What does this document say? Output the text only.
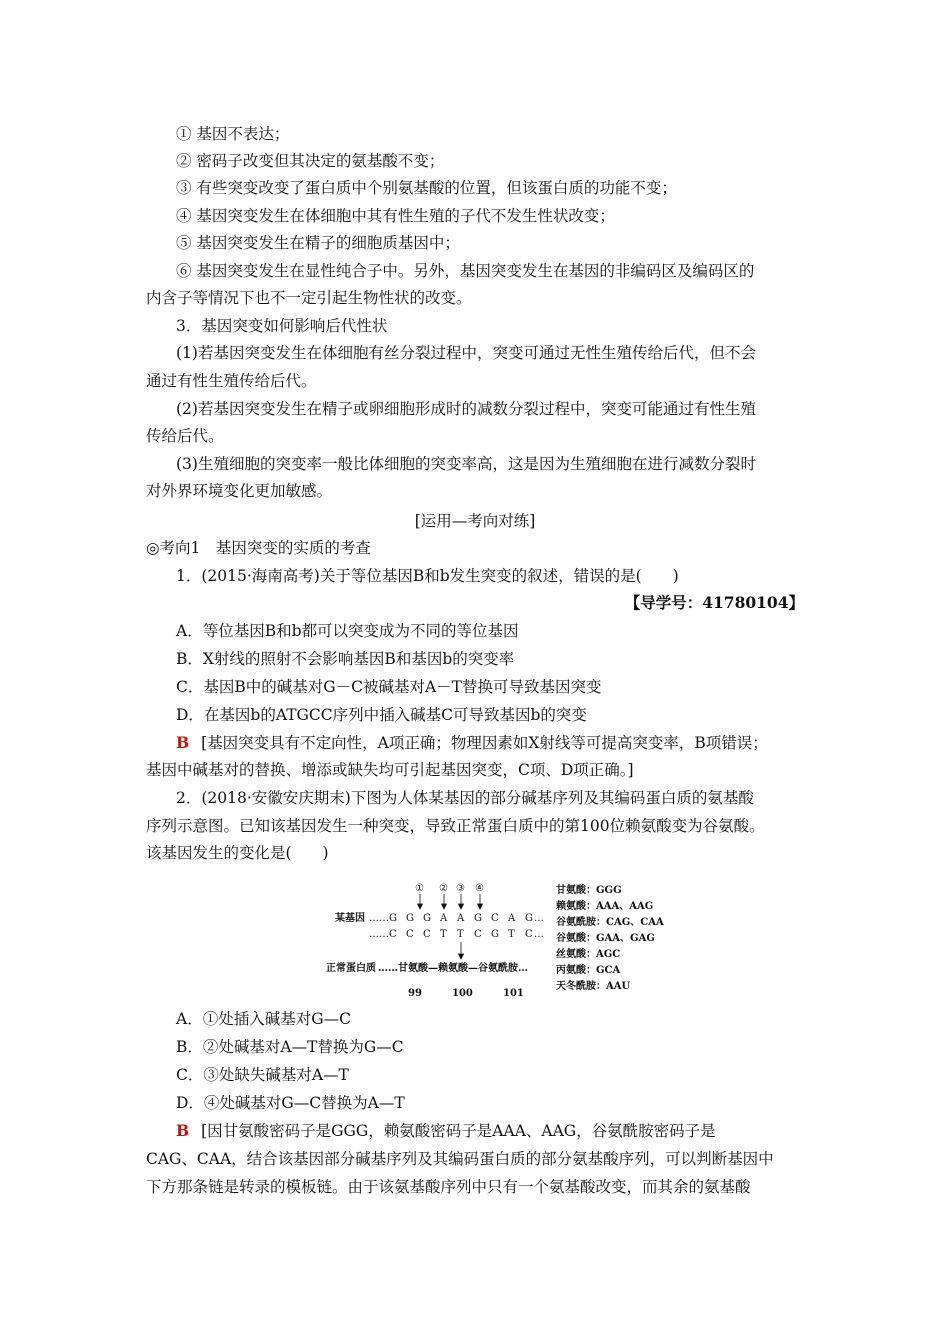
① 基因不表达；
② 密码子改变但其决定的氨基酸不变；
③ 有些突变改变了蛋白质中个别氨基酸的位置，但该蛋白质的功能不变；
④ 基因突变发生在体细胞中其有性生殖的子代不发生性状改变；
⑤ 基因突变发生在精子的细胞质基因中；
⑥ 基因突变发生在显性纯合子中。另外，基因突变发生在基因的非编码区及编码区的
内含子等情况下也不一定引起生物性状的改变。
3．基因突变如何影响后代性状
(1)若基因突变发生在体细胞有丝分裂过程中，突变可通过无性生殖传给后代，但不会
通过有性生殖传给后代。
(2)若基因突变发生在精子或卵细胞形成时的减数分裂过程中，突变可能通过有性生殖
传给后代。
(3)生殖细胞的突变率一般比体细胞的突变率高，这是因为生殖细胞在进行减数分裂时
对外界环境变化更加敏感。
[运用—考向对练]
◎考向1　基因突变的实质的考查
1．(2015·海南高考)关于等位基因B和b发生突变的叙述，错误的是(　　)
【导学号：41780104】
A．等位基因B和b都可以突变成为不同的等位基因
B．X射线的照射不会影响基因B和基因b的突变率
C．基因B中的碱基对G－C被碱基对A－T替换可导致基因突变
D．在基因b的ATGCC序列中插入碱基C可导致基因b的突变
B [基因突变具有不定向性，A项正确；物理因素如X射线等可提高突变率，B项错误；
基因中碱基对的替换、增添或缺失均可引起基因突变，C项、D项正确。]
2．(2018·安徽安庆期末)下图为人体某基因的部分碱基序列及其编码蛋白质的氨基酸
序列示意图。已知该基因发生一种突变，导致正常蛋白质中的第100位赖氨酸变为谷氨酸。
该基因发生的变化是(　　)
① ② ③ ④
某基因 …… G G G A A G C A G …
…… C C C T T C G T C …
正常蛋白质 ……甘氨酸—赖氨酸—谷氨酰胺…
99	100	101
甘氨酸：GGG
赖氨酸：AAA、AAG
谷氨酰胺：CAG、CAA
谷氨酸：GAA、GAG
丝氨酸：AGC
丙氨酸：GCA
天冬酰胺：AAU
A．①处插入碱基对G—C
B．②处碱基对A—T替换为G—C
C．③处缺失碱基对A—T
D．④处碱基对G—C替换为A—T
B [因甘氨酸密码子是GGG，赖氨酸密码子是AAA、AAG，谷氨酰胺密码子是
CAG、CAA，结合该基因部分碱基序列及其编码蛋白质的部分氨基酸序列，可以判断基因中
下方那条链是转录的模板链。由于该氨基酸序列中只有一个氨基酸改变，而其余的氨基酸
